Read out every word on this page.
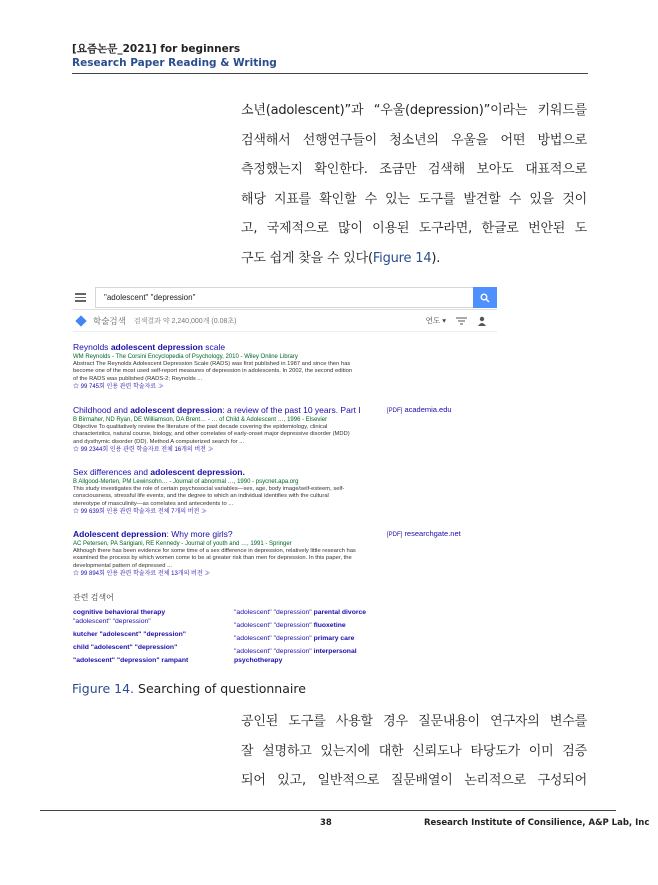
[요즘논문_2021] for beginners
Research Paper Reading & Writing

소년(adolescent)”과 “우울(depression)”이라는 키워드를

검색해서 선행연구들이 청소년의 우울을 어떤 방법으로

측정했는지 확인한다. 조금만 검색해 보아도 대표적으로

해당 지표를 확인할 수 있는 도구를 발견할 수 있을 것이

고, 국제적으로 많이 이용된 도구라면, 한글로 번안된 도

구도 쉽게 찾을 수 있다(Figure 14).

"adolescent" "depression"
학술검색 검색결과 약 2,240,000개 (0.08초)	연도 ▾
Reynolds adolescent depression scale
WM Reynolds - The Corsini Encyclopedia of Psychology, 2010 - Wiley Online Library
Abstract The Reynolds Adolescent Depression Scale (RADS) was first published in 1987 and since then has become one of the most used self-report measures of depression in adolescents. In 2002, the second edition of the RADS was published (RADS-2; Reynolds ...
☆ 99 745회 인용 관련 학술자료 ≫
Childhood and adolescent depression: a review of the past 10 years. Part I
B Birmaher, ND Ryan, DE Williamson, DA Brent… - … of Child & Adolescent …, 1996 - Elsevier
Objective To qualitatively review the literature of the past decade covering the epidemiology, clinical characteristics, natural course, biology, and other correlates of early-onset major depressive disorder (MDD) and dysthymic disorder (DD). Method A computerized search for ...
☆ 99 2344회 인용 관련 학술자료 전체 16개의 버전 ≫
[PDF] academia.edu
Sex differences and adolescent depression.
B Allgood-Merten, PM Lewinsohn… - Journal of abnormal …, 1990 - psycnet.apa.org
This study investigates the role of certain psychosocial variables—sex, age, body image/self-esteem, self-consciousness, stressful life events, and the degree to which an individual identifies with the cultural stereotype of masculinity—as correlates and antecedents to ...
☆ 99 639회 인용 관련 학술자료 전체 7개의 버전 ≫
Adolescent depression: Why more girls?
AC Petersen, PA Sarigiani, RE Kennedy - Journal of youth and …, 1991 - Springer
Although there has been evidence for some time of a sex difference in depression, relatively little research has examined the process by which women come to be at greater risk than men for depression. In this paper, the developmental pattern of depressed ...
☆ 99 894회 인용 관련 학술자료 전체 13개의 버전 ≫
[PDF] researchgate.net
관련 검색어
cognitive behavioral therapy
"adolescent" "depression"
kutcher "adolescent" "depression"
child "adolescent" "depression"
"adolescent" "depression" rampant
"adolescent" "depression" parental divorce
"adolescent" "depression" fluoxetine
"adolescent" "depression" primary care
"adolescent" "depression" interpersonal psychotherapy
Figure 14. Searching of questionnaire

공인된 도구를 사용할 경우 질문내용이 연구자의 변수를

잘 설명하고 있는지에 대한 신뢰도나 타당도가 이미 검증

되어 있고, 일반적으로 질문배열이 논리적으로 구성되어

38	Research Institute of Consilience, A&P Lab, Inc
